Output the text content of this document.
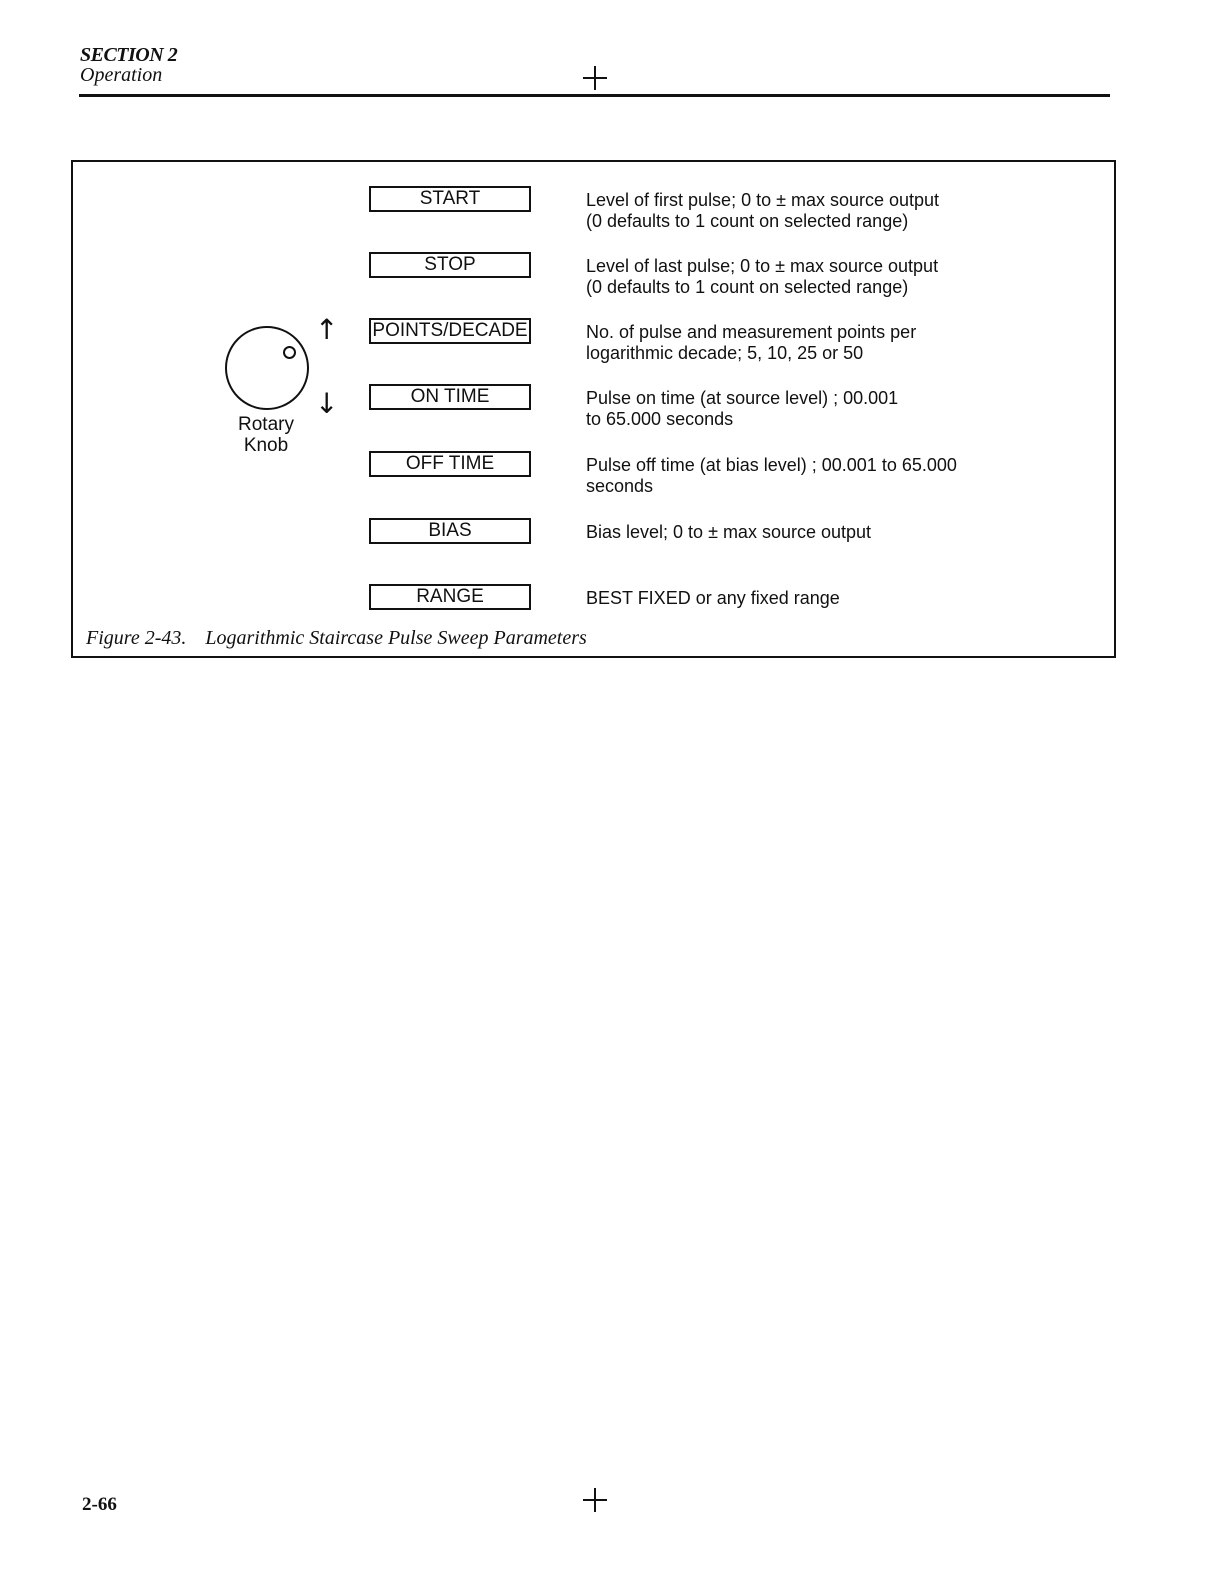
SECTION 2
Operation
Rotary
Knob
↑
↓
START	Level of first pulse; 0 to ± max source output
(0 defaults to 1 count on selected range)
STOP	Level of last pulse; 0 to ± max source output
(0 defaults to 1 count on selected range)
POINTS/DECADE	No. of pulse and measurement points per
logarithmic decade; 5, 10, 25 or 50
ON TIME	Pulse on time (at source level) ; 00.001
to 65.000 seconds
OFF TIME	Pulse off time (at bias level) ; 00.001 to 65.000
seconds
BIAS	Bias level; 0 to ± max source output
RANGE	BEST FIXED or any fixed range
Figure 2-43. Logarithmic Staircase Pulse Sweep Parameters
2-66
